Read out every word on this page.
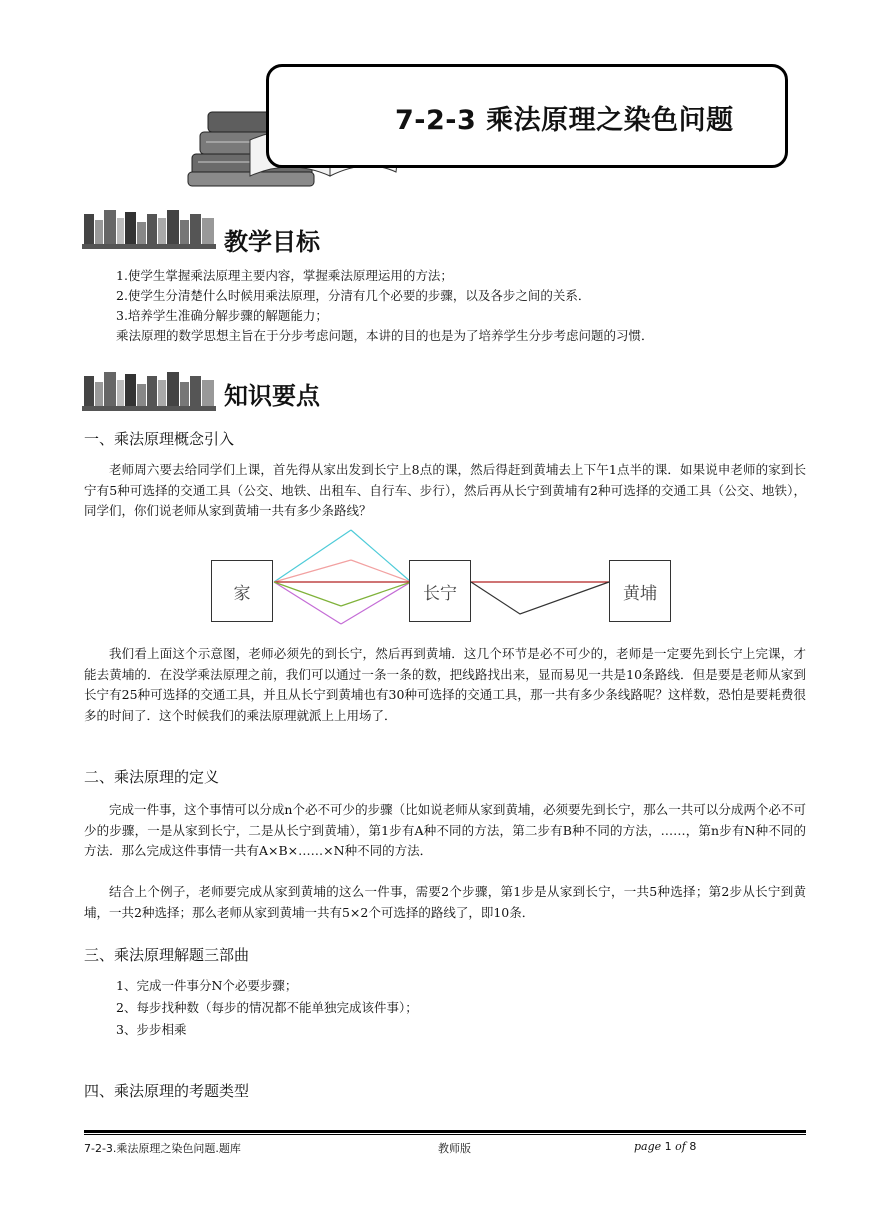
7-2-3 乘法原理之染色问题
教学目标
1.使学生掌握乘法原理主要内容，掌握乘法原理运用的方法；
2.使学生分清楚什么时候用乘法原理，分清有几个必要的步骤，以及各步之间的关系．
3.培养学生准确分解步骤的解题能力；
乘法原理的数学思想主旨在于分步考虑问题，本讲的目的也是为了培养学生分步考虑问题的习惯．
知识要点
一、乘法原理概念引入
老师周六要去给同学们上课，首先得从家出发到长宁上8点的课，然后得赶到黄埔去上下午1点半的课．如果说申老师的家到长宁有5种可选择的交通工具（公交、地铁、出租车、自行车、步行），然后再从长宁到黄埔有2种可选择的交通工具（公交、地铁），同学们，你们说老师从家到黄埔一共有多少条路线？
家	长宁	黄埔
我们看上面这个示意图，老师必须先的到长宁，然后再到黄埔．这几个环节是必不可少的，老师是一定要先到长宁上完课，才能去黄埔的．在没学乘法原理之前，我们可以通过一条一条的数，把线路找出来，显而易见一共是10条路线．但是要是老师从家到长宁有25种可选择的交通工具，并且从长宁到黄埔也有30种可选择的交通工具，那一共有多少条线路呢？这样数，恐怕是要耗费很多的时间了．这个时候我们的乘法原理就派上上用场了．
二、乘法原理的定义
完成一件事，这个事情可以分成n个必不可少的步骤（比如说老师从家到黄埔，必须要先到长宁，那么一共可以分成两个必不可少的步骤，一是从家到长宁，二是从长宁到黄埔），第1步有A种不同的方法，第二步有B种不同的方法，……，第n步有N种不同的方法．那么完成这件事情一共有A×B×……×N种不同的方法．
结合上个例子，老师要完成从家到黄埔的这么一件事，需要2个步骤，第1步是从家到长宁，一共5种选择；第2步从长宁到黄埔，一共2种选择；那么老师从家到黄埔一共有5×2个可选择的路线了，即10条．
三、乘法原理解题三部曲
1、完成一件事分N个必要步骤；
2、每步找种数（每步的情况都不能单独完成该件事）；
3、步步相乘
四、乘法原理的考题类型
7-2-3.乘法原理之染色问题.题库	教师版	page 1 of 8
